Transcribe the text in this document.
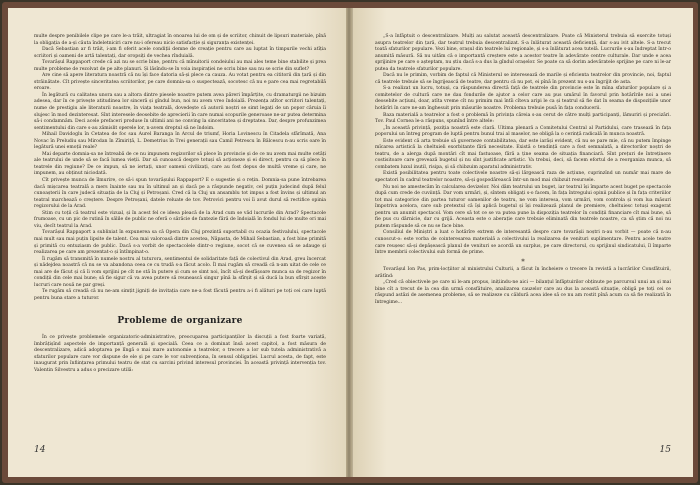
multe despre penibilele clipe pe care le-a trăit, ultragiat în onoarea lui de om și de scriitor, chinuit de lipsuri materiale, pînă la obligația de a-și căuta îndeletniciri care nu-i ofereau nicio satisfacție și siguranța existenței.

Dacă Sebastian ar fi trăit, i-am fi oferit acele condiții demne de creație pentru care au luptat în timpurile vechi atîția scriitori și oameni de artă talentați, dar oropsiți de vechea rînduială.

Tovarășul Rappaport crede că azi nu se scrie bine, pentru că mînuitorii condeiului au mai ales teme bine stabilite și prea multe probleme de rezolvat de pe alte planuri. Și lăsîndu-se în voia inspirației ne scriu bine sau nu se scrie din suflet?

Are cine să apere literatura noastră că nu își face datoria să-și plece ca cauza. Au votat pentru ea cititorii din țară și din străinătate. Cît privește sinceritatea scriitorilor, pe care domnia-sa o suspectează, socotesc că nu e pare cea mai regretabilă eroare.

În legătură cu calitatea unora sau a altora dintre piesele noastre putem avea păreri împărțite, cu dramaturgii ne bizuim adesea, dar în ce privește atitudinea lor sinceră și gîndul bun, noi nu avem vreo îndoială. Prezența atîtor scriitori talentați, nume de prestigiu ale literaturii noastre, în viața teatrală, dovedește că autorii noștri se simt legați de un popor căruia îi slujesc în mod dezinteresat. Sînt interesele deosebite de aprecierii în care numai scopurile generoase ne-ar putea determina să-i condamnăm. Deci acele prefaceri produse în ultimii ani ne conving la sinceritatea și dreptatea. Dar, despre profunzimea sentimentului din care s-au zămislit operele lor, n-avem dreptul să ne îndoim.

Mihail Davidoglu în Cetatea de foc sau Aurel Baranga în Arcul de triumf, Horia Lovinescu în Citadela sfărîmată, Ana Novac în Preludiu sau Mirodan în Zîmiriță, L. Demetrius în Trei generații sau Camil Petrescu în Bălcescu n-au scris oare în legătură unei emoții reale?

Mai departe domnia-sa ne întreabă de ce nu impunem regizorilor să plece în provincie și de ce nu avem mai multe cetăți ale teatrului de unde să se facă lumea vieții. Dar să cunoască despre totuși să acționeze și ei direct, pentru ca să plece în teatrele din regiune? De ce impun, să ne iertați, unor oameni civilizați, care au fost depus de multă vreme și care, ne impunem, au obținut niciodată.

Cît privește munca de îlmurire, ce să-i spun tovarășului Rappaport? E o sugestie și o rețin. Domnia-sa pune întrebarea dacă mișcarea teatrală a mers înainte sau nu în ultimul an și dacă pe a răspunde negativ, cel puțin judecind după felul cunoașterii în care judecă situația de la Cluj și Petroșani. Cred că la Cluj un ansamblu tot impus a fost învins și ultimul an teatral marchează o creștere. Despre Petroșani, datele reluate de tov. Petrovici pentru voi îi avut durul să rectifice opinia regizorului de la Arad.

Stim cu toții că teatrul este vizual, și în acest fel ce ideea pleacă de la Arad cum se văd lucrurile din Arad? Spectacole frumoase, cu un pic de rutină în sălile de public ne oferă o sărăcie de fantezie fără de îndoială în fondul lui de multe ori mai viu, decît teatrul la Arad.

Tovarășul Rappaport a subliniat în expunerea sa că Opera din Cluj prezintă suportabil cu ocazia festivalului, spectacole mai mult sau mai puțin lipsite de talent. Cea mai valoroasă dintre acestea, Năpasta, de Mihail Sebastian, a fost bine primită și primită cu entuziasm de public. Dacă s-a vorbit de spectacolele dintr-o regiune, socot că se cuvenea să se adauge și realizarea pe care am prezentat-o și întîmpinat-o.

Îi rugăm să transmită în numele nostru al tuturora, sentimentul de solidaritate față de colectivul din Arad, greu încercat și nădejdea noastră că nu se va abandona ceea ce cu trudă s-a făcut acolo. Îl mai rugăm să creadă că n-am uitat de cele ce mai are de făcut și că îi vom sprijini pe cît ne stă în putere și cum se simt noi, încît să-și desfășoare munca sa de regizor în condiții din cele mai bune; să fie sigur că va avea putere să reunească singur pînă la sfîrșit și să ducă la bun sfîrșit aceste lucruri care nouă ne par greși.

Te rugăm să creadă că nu ne-am simțit jigniți de invitația care ne-a fost făcută pentru a-i fi alături pe toți cei care luptă pentru buna stare a tuturor.

Probleme de organizare

În ce privește problemele organizatoric-administrative, preocuparea participanților la discuții a fost foarte variată, îmbrățișînd aspectele de importanță generală și specială. Ceea ce a dominat însă acest capitol, a fost măsura de descentralizare, adică adoptarea pe lîngă o mai mare autonomie a teatrelor, o trecere a lor sub tutela administrativă a sfaturilor populare care vor dispune de ele și pe care le vor subvenționa, în sensul obligației. Lucrul acesta, de fapt, este inaugurat prin înființarea primului teatru de stat cu sarcini privind interesul provinciei. În această privință intervenția tov. Valentin Silvestru a adus o precizare utilă:

14

„S-a înfăptuit o descentralizare. Mulți au salutat această descentralizare. Poate că Ministerul trebuia să exercite totuși asupra teatrelor din țară, dar teatrul trebuia descentralizat. S-a înlăturat această deficiență, dar s-au ivit altele. S-a trecut toată sfaturilor populare. Vezi bine, orașul din teatrele lui regionale, și s-a înlăturat acea tutelă. Lucrurile s-au îndreptat într-o anumită măsură. Să nu uităm că o importantă creștere este a acestor teatre în adevărate centre culturale. Dar unde e acea sprijinire pe care o așteptam, nu știu dacă s-a dus la gîndul orașelor. Se poate ca să dorim adevăratele sprijine pe care ni le-ar putea da teatrele sfaturilor populare.

Dacă nu le primim, vorbim de faptul că Ministerul se interesează de marile și eficienta teatrelor din provincie, noi, faptul că teatrele trebuie să se îngrijească de teatre, dar pentru că nu pot, ei pînă în prezent nu s-au îngrijit de asta.

S-a realizat un lucru, totuși, ca răspunderea directă față de teatrele din provincie este în mîna sfaturilor populare și a comitetelor de cultură care ne dau fondurile de ajutor a celor care au pus umărul în favorul prin hotărîrile noi a unei deosebite acțiuni, doar, atîta vreme cît nu primim mai întîi cîteva aripi le ca și teatrul să fie dat în seama de dispozițiile unor hotărîri în care ne-am înghesuit prin măsurile noastre. Problema trebuie pusă în fața conducerii.

Baza materială a teatrelor a fost o problemă în privința căreia s-au cerut de către mulți participanți, lămuriri și precizări. Tov. Paul Cornea le-a răspuns, spunînd între altele:

„În această privință, poziția noastră este clară. Ultima plenară a Comitetului Central al Partidului, care trasează în fața poporului un întreg program de luptă pentru bunul trai al maselor, ne obligă la o cerință radicală în munca noastră.

Este evident că arta trebuie să guverneze contabilitatea, dar este iarăși evident, că nu se pare mie, că nu putem împinge mîcarea artistică la cheltuieli exorbitante fără necesitate. Există o tendință care a fost semnalată, a directorilor noștri de teatru, de a alerga după montări cît mai fastuoase, fără a ține seama de situația financiară. Sînt prețuri de întreținere costisitoare care grevează bugetul și nu sînt justificate artistic. Va trebui, deci, să facem efortul de a reorganiza munca, să combatem luxul inutil, risipa, și să chibzuim aparatul administrativ.

Există posibilitatea pentru toate colectivele noastre să-și lărgească raza de acțiune, cuprinzînd un număr mai mare de spectatori în cadrul teatrelor noastre, să-și gospodărească într-un mod mai chibzuit resursele.

Nu noi ne amestecăm în calcularea devizelor. Noi dăm teatrului un buget, iar teatrul își împarte acest buget pe spectacole după cum crede de cuviință. Dar vom urmări, și, sîntem obligați s-o facem, în fața întregului opinii publice și în fața criteriilor tot mai categorice din partea tuturor oamenilor de teatru, ne vom interesa, vom urmări, vom controla și vom lua măsuri împotriva acelora, care sub pretextul că își aplică bugetul și își realizează planul de premiere, cheltuiesc totuși exagerat pentru un anumit spectacol. Vom cere să tot ce se va putea pune la dispoziția teatrelor în condiții financiare cît mai bune, să fie pus cu dărnicie, dar cu grijă. Aceasta este o aberație care trebuie eliminată din teatrele noastre, ca să știm că noi nu putem răspunde să ce nu se face bine.

Consiliul de Miniștri a luat o hotărîre extrem de interesantă despre care tovarășii noștri n-au vorbit — poate că n-au cunoscut-o: este vorba de cointeresarea materială a colectivului la realizarea de venituri suplimentare. Pentru acele teatre care reușesc să-și depășească planul de venituri se acordă un surplus, pe care directorul, cu sprijinul sindicatului, îl împarte între membrii colectivului sub formă de prime.

*

Tovarășul Ion Pas, prim-locțiitor al ministrului Culturii, a făcut în încheiere o trecere în revistă a lucrărilor Consfătuirii, arătînd:

„Cred că obiectivele pe care ni le-am propus, inițiindu-ne aici — bilanțul înfăptuirilor obținute pe parcursul unui an și mai bine cît a trecut de la cea din urmă consfătuire, analizarea cauzelor care au dus la această situație, obligă pe toți cei ce răspund astăzi de asemenea probleme, să se realizeze cu căldură acea idee să ce nu am rostit pînă acum ca să fie realizată în întregime...

15
